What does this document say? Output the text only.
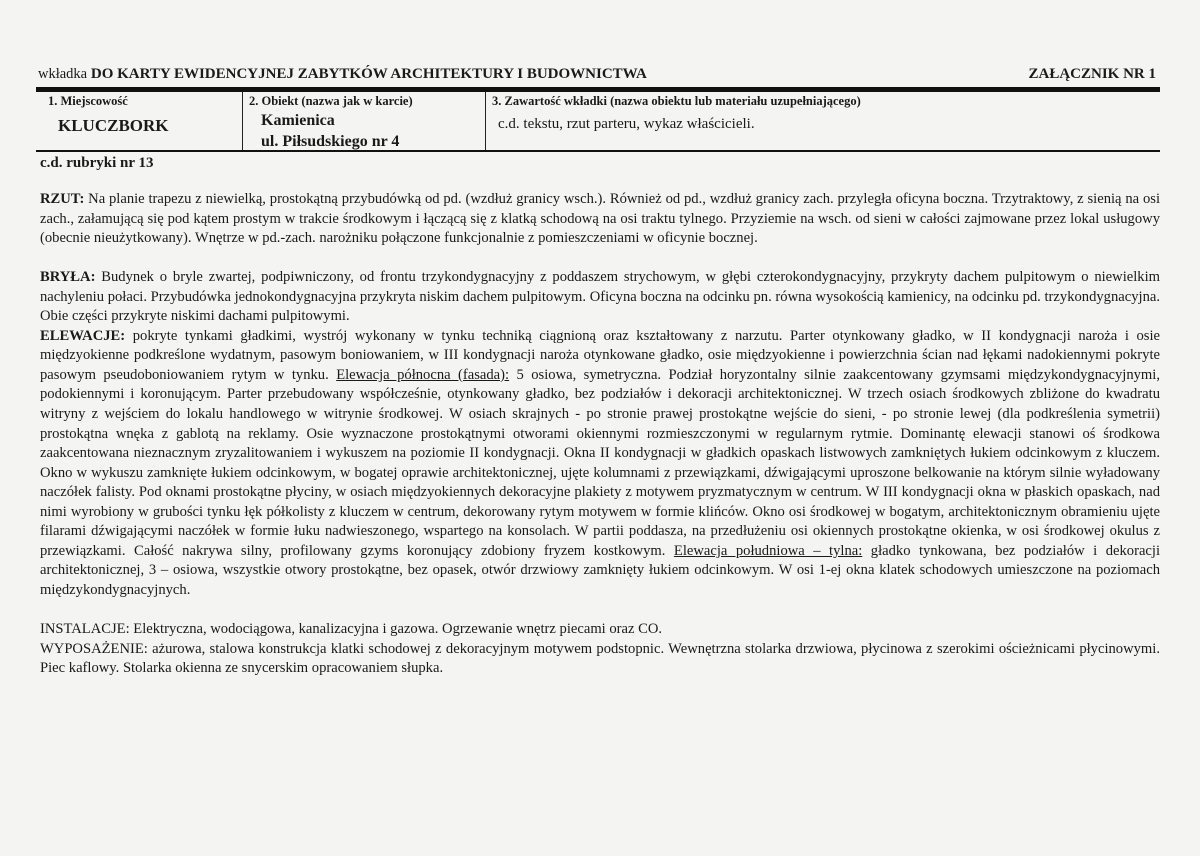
wkładka DO KARTY EWIDENCYJNEJ ZABYTKÓW ARCHITEKTURY I BUDOWNICTWA	ZAŁĄCZNIK NR 1
1. Miejscowość
KLUCZBORK
2. Obiekt (nazwa jak w karcie)
Kamienica
ul. Piłsudskiego nr 4
3. Zawartość wkładki (nazwa obiektu lub materiału uzupełniającego)
c.d. tekstu, rzut parteru, wykaz właścicieli.
c.d. rubryki nr 13

RZUT: Na planie trapezu z niewielką, prostokątną przybudówką od pd. (wzdłuż granicy wsch.). Również od pd., wzdłuż granicy zach. przyległa oficyna boczna. Trzytraktowy, z sienią na osi zach., załamującą się pod kątem prostym w trakcie środkowym i łączącą się z klatką schodową na osi traktu tylnego. Przyziemie na wsch. od sieni w całości zajmowane przez lokal usługowy (obecnie nieużytkowany). Wnętrze w pd.-zach. narożniku połączone funkcjonalnie z pomieszczeniami w oficynie bocznej.

BRYŁA: Budynek o bryle zwartej, podpiwniczony, od frontu trzykondygnacyjny z poddaszem strychowym, w głębi czterokondygnacyjny, przykryty dachem pulpitowym o niewielkim nachyleniu połaci. Przybudówka jednokondygnacyjna przykryta niskim dachem pulpitowym. Oficyna boczna na odcinku pn. równa wysokością kamienicy, na odcinku pd. trzykondygnacyjna. Obie części przykryte niskimi dachami pulpitowymi.

ELEWACJE: pokryte tynkami gładkimi, wystrój wykonany w tynku techniką ciągnioną oraz kształtowany z narzutu. Parter otynkowany gładko, w II kondygnacji naroża i osie międzyokienne podkreślone wydatnym, pasowym boniowaniem, w III kondygnacji naroża otynkowane gładko, osie międzyokienne i powierzchnia ścian nad łękami nadokiennymi pokryte pasowym pseudoboniowaniem rytym w tynku. Elewacja północna (fasada): 5 osiowa, symetryczna. Podział horyzontalny silnie zaakcentowany gzymsami międzykondygnacyjnymi, podokiennymi i koronującym. Parter przebudowany współcześnie, otynkowany gładko, bez podziałów i dekoracji architektonicznej. W trzech osiach środkowych zbliżone do kwadratu witryny z wejściem do lokalu handlowego w witrynie środkowej. W osiach skrajnych - po stronie prawej prostokątne wejście do sieni, - po stronie lewej (dla podkreślenia symetrii) prostokątna wnęka z gablotą na reklamy. Osie wyznaczone prostokątnymi otworami okiennymi rozmieszczonymi w regularnym rytmie. Dominantę elewacji stanowi oś środkowa zaakcentowana nieznacznym zryzalitowaniem i wykuszem na poziomie II kondygnacji. Okna II kondygnacji w gładkich opaskach listwowych zamkniętych łukiem odcinkowym z kluczem. Okno w wykuszu zamknięte łukiem odcinkowym, w bogatej oprawie architektonicznej, ujęte kolumnami z przewiązkami, dźwigającymi uproszone belkowanie na którym silnie wyładowany naczółek falisty. Pod oknami prostokątne płyciny, w osiach międzyokiennych dekoracyjne plakiety z motywem pryzmatycznym w centrum. W III kondygnacji okna w płaskich opaskach, nad nimi wyrobiony w grubości tynku łęk półkolisty z kluczem w centrum, dekorowany rytym motywem w formie klińców. Okno osi środkowej w bogatym, architektonicznym obramieniu ujęte filarami dźwigającymi naczółek w formie łuku nadwieszonego, wspartego na konsolach. W partii poddasza, na przedłużeniu osi okiennych prostokątne okienka, w osi środkowej okulus z przewiązkami. Całość nakrywa silny, profilowany gzyms koronujący zdobiony fryzem kostkowym. Elewacja południowa – tylna: gładko tynkowana, bez podziałów i dekoracji architektonicznej, 3 – osiowa, wszystkie otwory prostokątne, bez opasek, otwór drzwiowy zamknięty łukiem odcinkowym. W osi 1-ej okna klatek schodowych umieszczone na poziomach międzykondygnacyjnych.

INSTALACJE: Elektryczna, wodociągowa, kanalizacyjna i gazowa. Ogrzewanie wnętrz piecami oraz CO.

WYPOSAŻENIE: ażurowa, stalowa konstrukcja klatki schodowej z dekoracyjnym motywem podstopnic. Wewnętrzna stolarka drzwiowa, płycinowa z szerokimi ościeżnicami płycinowymi. Piec kaflowy. Stolarka okienna ze snycerskim opracowaniem słupka.
